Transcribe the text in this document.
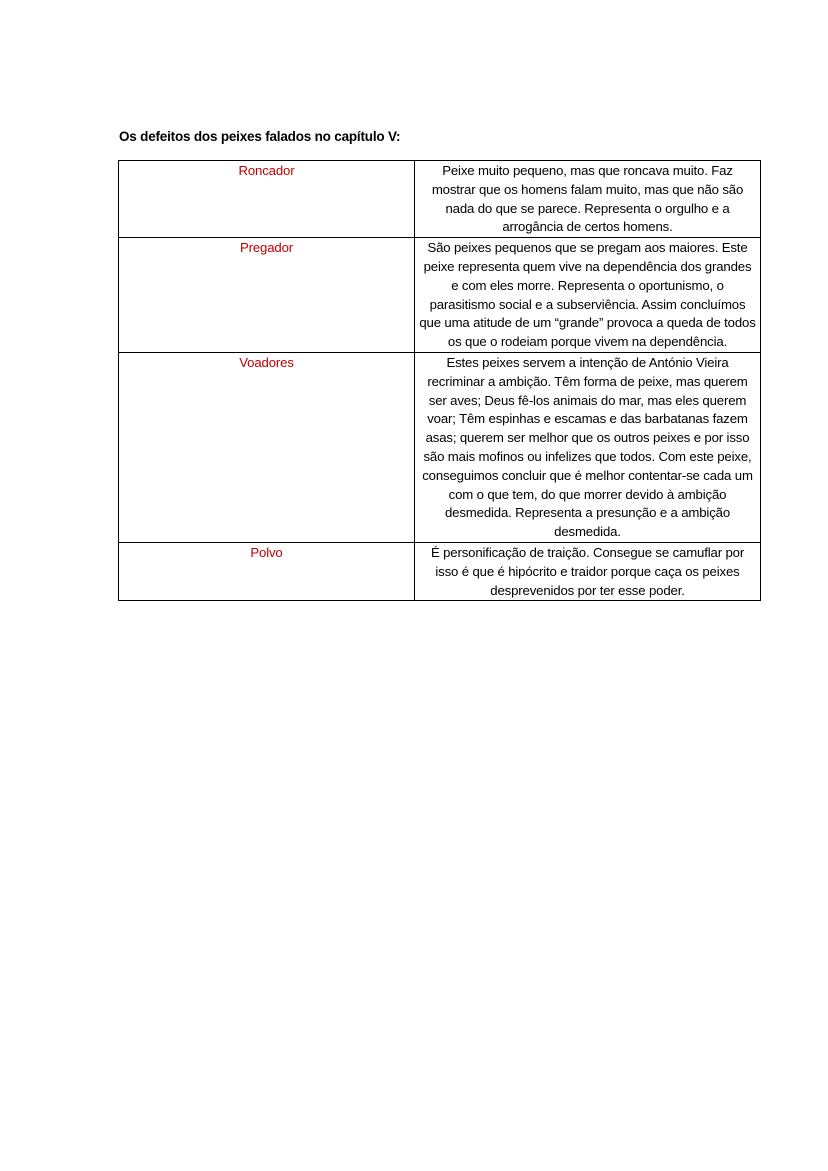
Os defeitos dos peixes falados no capítulo V:
Roncador	Peixe muito pequeno, mas que roncava muito. Faz mostrar que os homens falam muito, mas que não são nada do que se parece. Representa o orgulho e a arrogância de certos homens.
Pregador	São peixes pequenos que se pregam aos maiores. Este peixe representa quem vive na dependência dos grandes e com eles morre. Representa o oportunismo, o parasitismo social e a subserviência. Assim concluímos que uma atitude de um “grande” provoca a queda de todos os que o rodeiam porque vivem na dependência.
Voadores	Estes peixes servem a intenção de António Vieira recriminar a ambição. Têm forma de peixe, mas querem ser aves; Deus fê-los animais do mar, mas eles querem voar; Têm espinhas e escamas e das barbatanas fazem asas; querem ser melhor que os outros peixes e por isso são mais mofinos ou infelizes que todos. Com este peixe, conseguimos concluir que é melhor contentar-se cada um com o que tem, do que morrer devido à ambição desmedida. Representa a presunção e a ambição desmedida.
Polvo	É personificação de traição. Consegue se camuflar por isso é que é hipócrito e traidor porque caça os peixes desprevenidos por ter esse poder.
